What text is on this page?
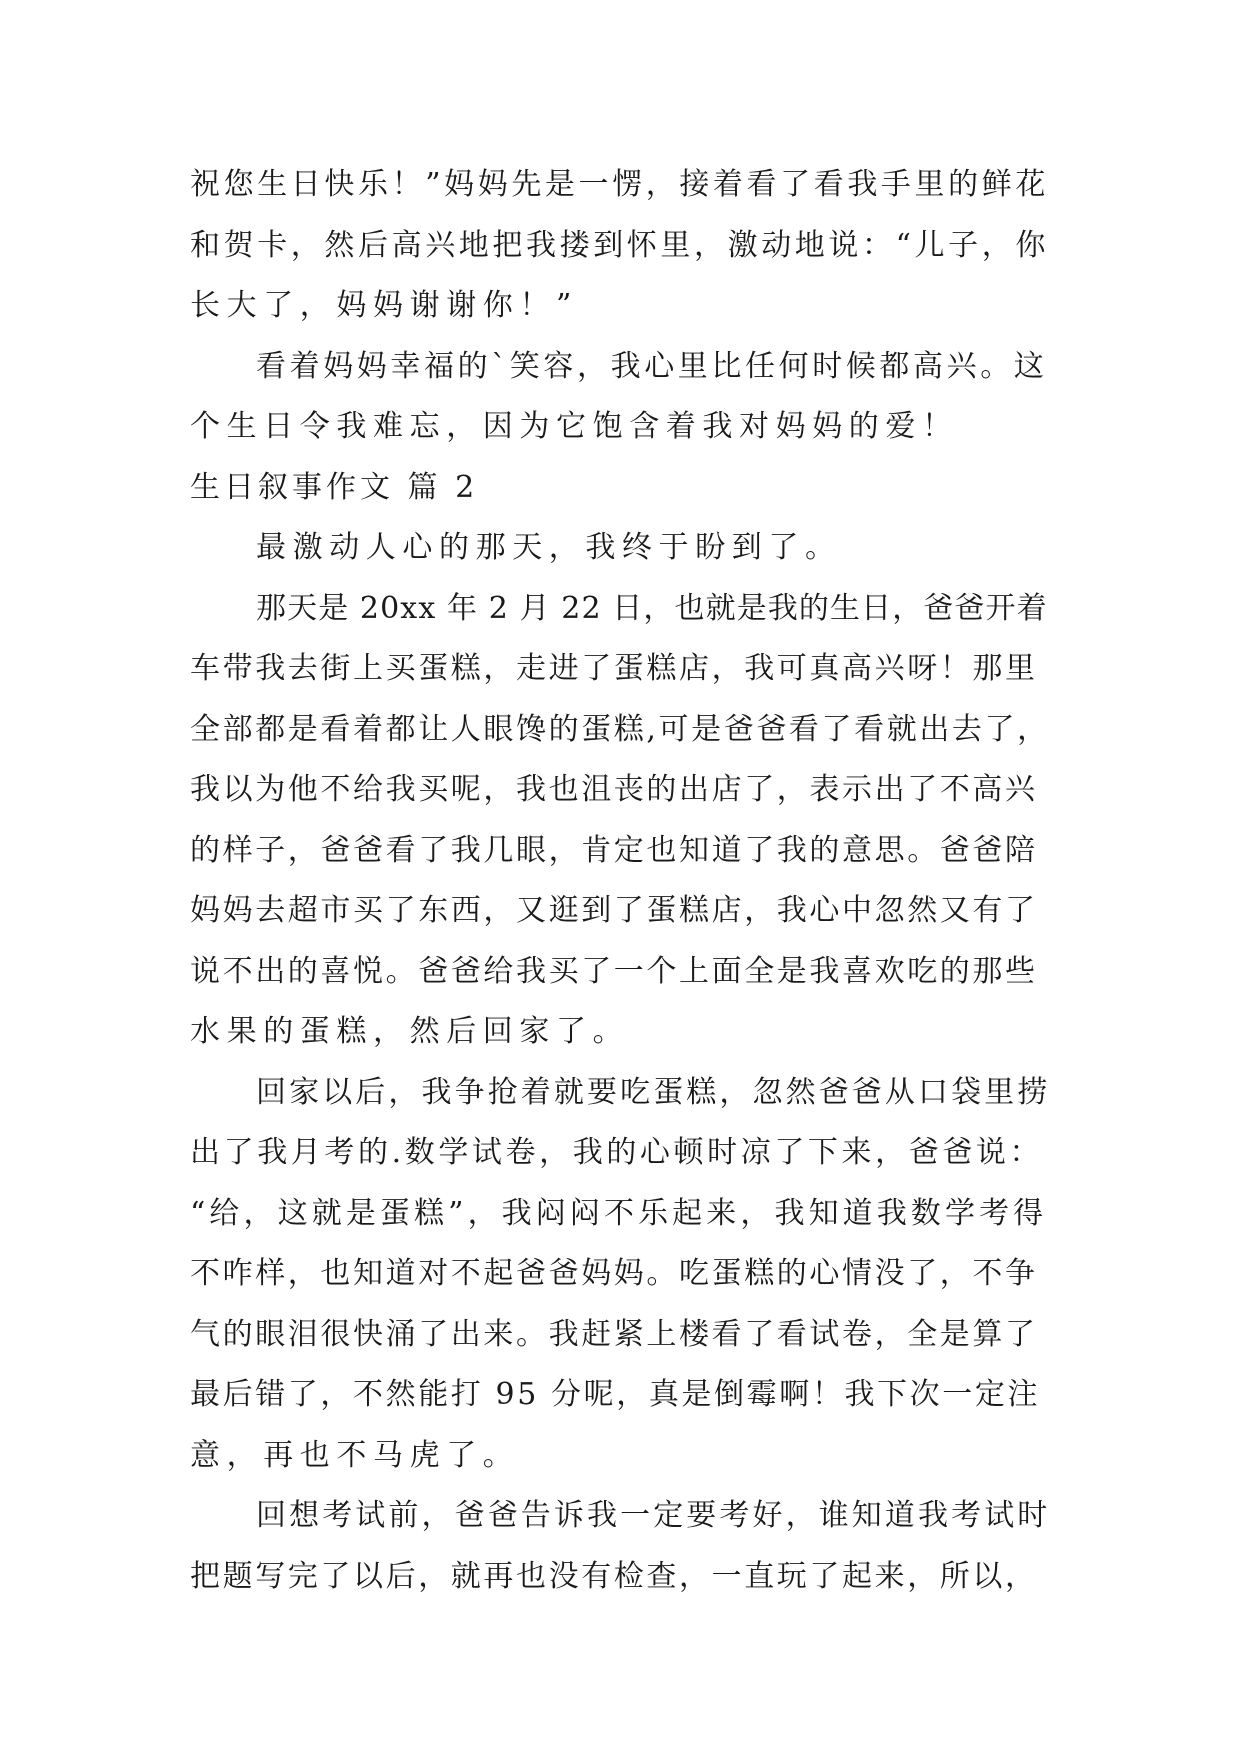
祝您生日快乐！”妈妈先是一愣，接着看了看我手里的鲜花
和贺卡，然后高兴地把我搂到怀里，激动地说：“儿子，你
长大了，妈妈谢谢你！”
看着妈妈幸福的`笑容，我心里比任何时候都高兴。这
个生日令我难忘，因为它饱含着我对妈妈的爱！
生日叙事作文 篇 2
最激动人心的那天，我终于盼到了。
那天是 20xx 年 2 月 22 日，也就是我的生日，爸爸开着
车带我去街上买蛋糕，走进了蛋糕店，我可真高兴呀！那里
全部都是看着都让人眼馋的蛋糕,可是爸爸看了看就出去了，
我以为他不给我买呢，我也沮丧的出店了，表示出了不高兴
的样子，爸爸看了我几眼，肯定也知道了我的意思。爸爸陪
妈妈去超市买了东西，又逛到了蛋糕店，我心中忽然又有了
说不出的喜悦。爸爸给我买了一个上面全是我喜欢吃的那些
水果的蛋糕，然后回家了。
回家以后，我争抢着就要吃蛋糕，忽然爸爸从口袋里捞
出了我月考的.数学试卷，我的心顿时凉了下来，爸爸说：
“给，这就是蛋糕”，我闷闷不乐起来，我知道我数学考得
不咋样，也知道对不起爸爸妈妈。吃蛋糕的心情没了，不争
气的眼泪很快涌了出来。我赶紧上楼看了看试卷，全是算了
最后错了，不然能打 95 分呢，真是倒霉啊！我下次一定注
意，再也不马虎了。
回想考试前，爸爸告诉我一定要考好，谁知道我考试时
把题写完了以后，就再也没有检查，一直玩了起来，所以，
